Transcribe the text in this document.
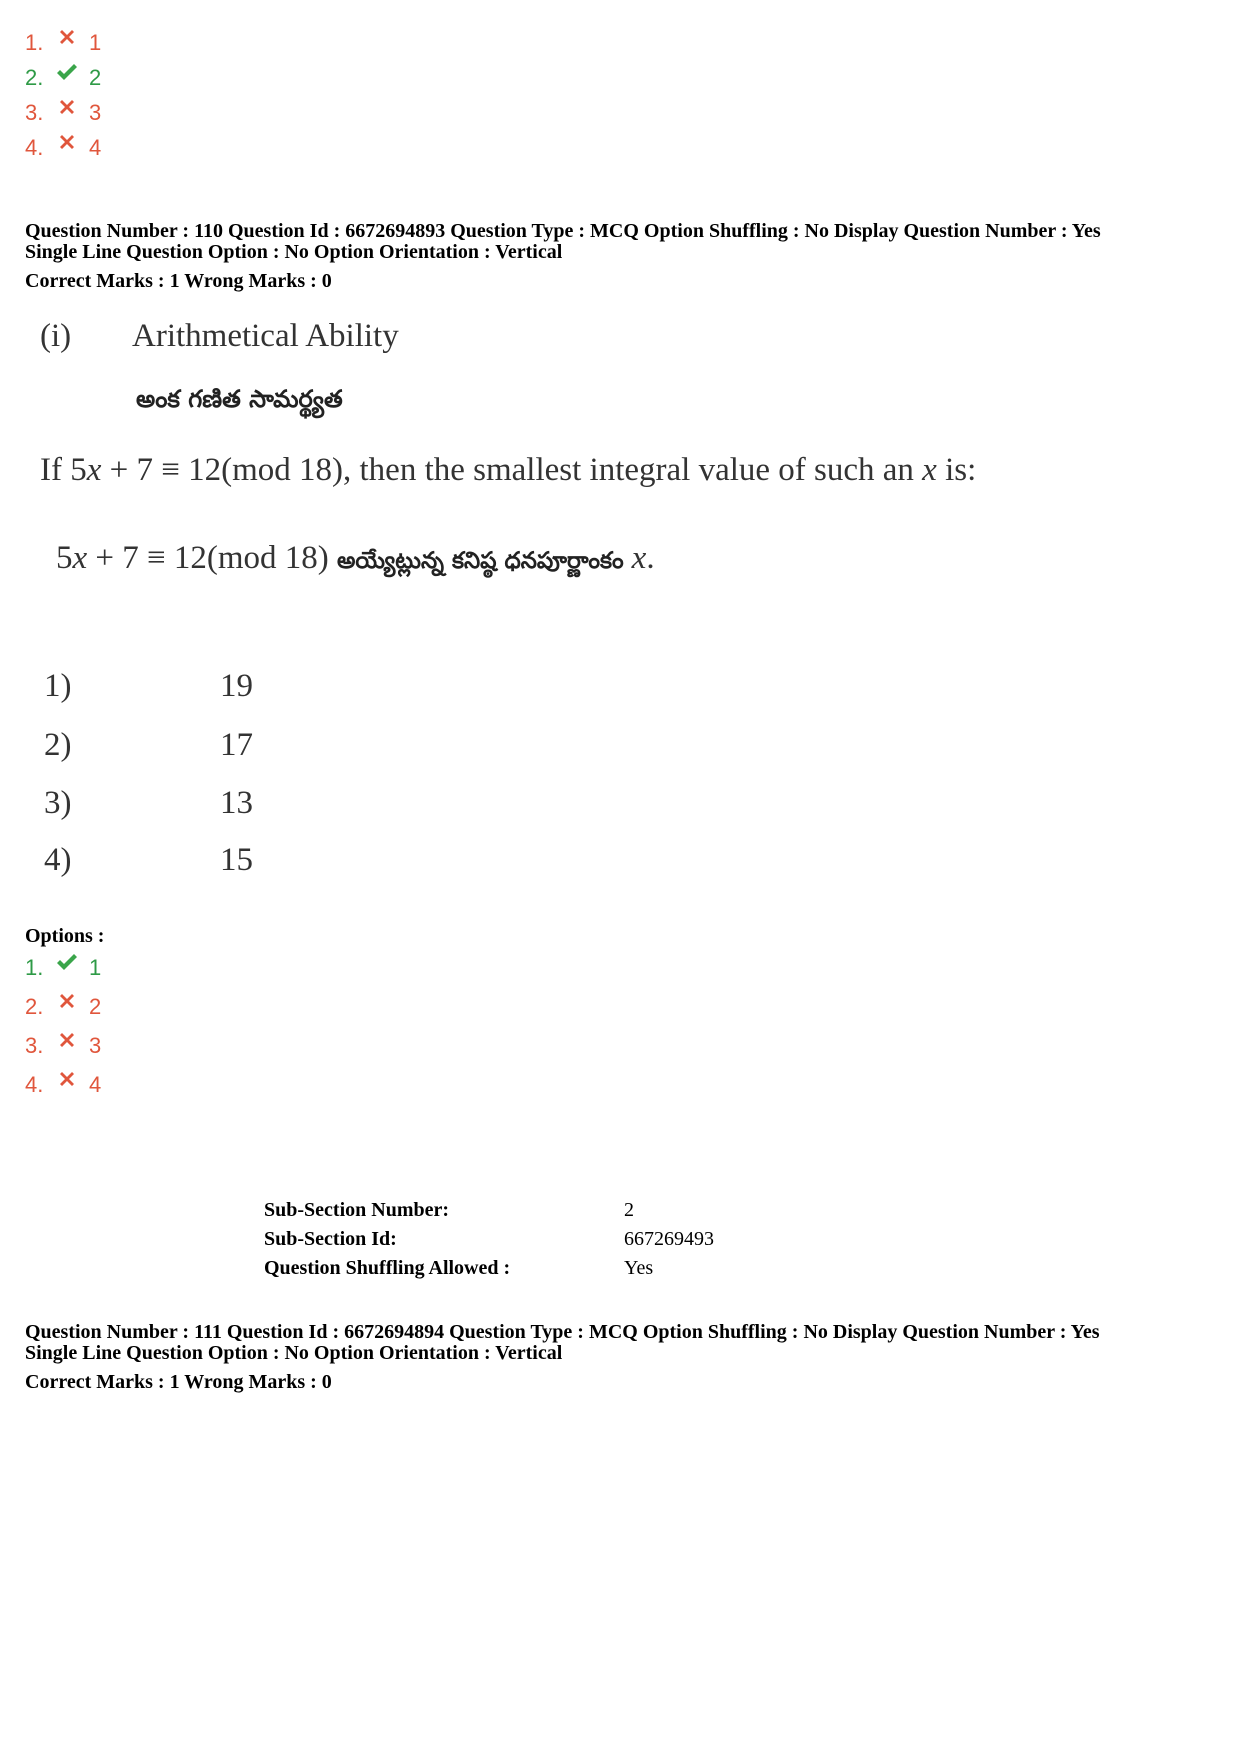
1.	1
2.	2
3.	3
4.	4
Question Number : 110 Question Id : 6672694893 Question Type : MCQ Option Shuffling : No Display Question Number : Yes
Single Line Question Option : No Option Orientation : Vertical
Correct Marks : 1 Wrong Marks : 0
(i)	Arithmetical Ability
అంక గణిత సామర్థ్యత
If 5x + 7 ≡ 12(mod 18), then the smallest integral value of such an x is:
5 x + 7 ≡ 12(mod 18) అయ్యేట్లున్న కనిష్ఠ ధనపూర్ణాంకం x .
1)	19
2)	17
3)	13
4)	15
Options :
1.	1
2.	2
3.	3
4.	4
Sub-Section Number:	2
Sub-Section Id:	667269493
Question Shuffling Allowed :	Yes
Question Number : 111 Question Id : 6672694894 Question Type : MCQ Option Shuffling : No Display Question Number : Yes
Single Line Question Option : No Option Orientation : Vertical
Correct Marks : 1 Wrong Marks : 0
